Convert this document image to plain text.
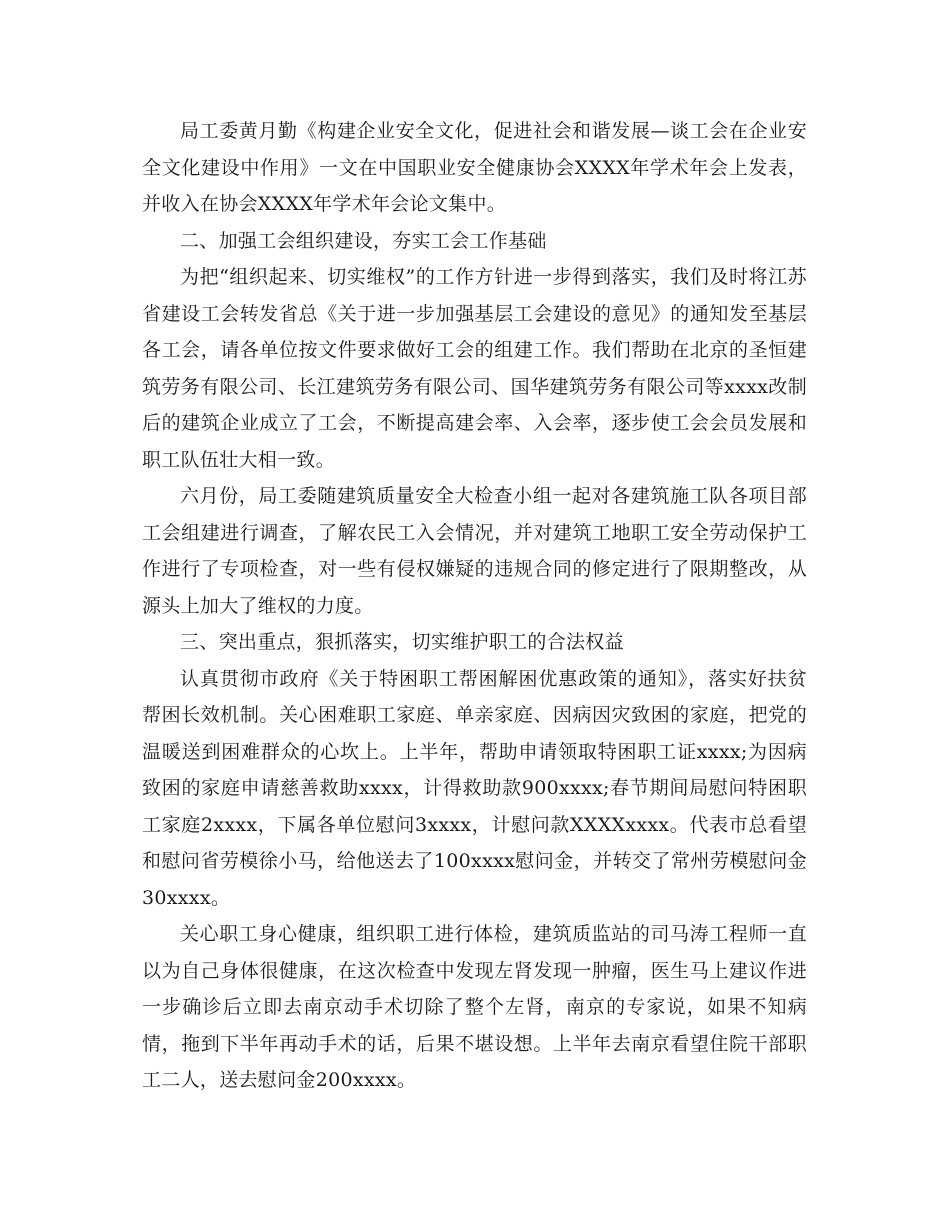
局工委黄月勤《构建企业安全文化，促进社会和谐发展—谈工会在企业安全文化建设中作用》一文在中国职业安全健康协会XXXX年学术年会上发表，并收入在协会XXXX年学术年会论文集中。

二、加强工会组织建设，夯实工会工作基础

为把“组织起来、切实维权”的工作方针进一步得到落实，我们及时将江苏省建设工会转发省总《关于进一步加强基层工会建设的意见》的通知发至基层各工会，请各单位按文件要求做好工会的组建工作。我们帮助在北京的圣恒建筑劳务有限公司、长江建筑劳务有限公司、国华建筑劳务有限公司等xxxx改制后的建筑企业成立了工会，不断提高建会率、入会率，逐步使工会会员发展和职工队伍壮大相一致。

六月份，局工委随建筑质量安全大检查小组一起对各建筑施工队各项目部工会组建进行调查，了解农民工入会情况，并对建筑工地职工安全劳动保护工作进行了专项检查，对一些有侵权嫌疑的违规合同的修定进行了限期整改，从源头上加大了维权的力度。

三、突出重点，狠抓落实，切实维护职工的合法权益

认真贯彻市政府《关于特困职工帮困解困优惠政策的通知》，落实好扶贫帮困长效机制。关心困难职工家庭、单亲家庭、因病因灾致困的家庭，把党的温暖送到困难群众的心坎上。上半年，帮助申请领取特困职工证xxxx;为因病致困的家庭申请慈善救助xxxx，计得救助款900xxxx;春节期间局慰问特困职工家庭2xxxx，下属各单位慰问3xxxx，计慰问款XXXXxxxx。代表市总看望和慰问省劳模徐小马，给他送去了100xxxx慰问金，并转交了常州劳模慰问金30xxxx。

关心职工身心健康，组织职工进行体检，建筑质监站的司马涛工程师一直以为自己身体很健康，在这次检查中发现左肾发现一肿瘤，医生马上建议作进一步确诊后立即去南京动手术切除了整个左肾，南京的专家说，如果不知病情，拖到下半年再动手术的话，后果不堪设想。上半年去南京看望住院干部职工二人，送去慰问金200xxxx。
